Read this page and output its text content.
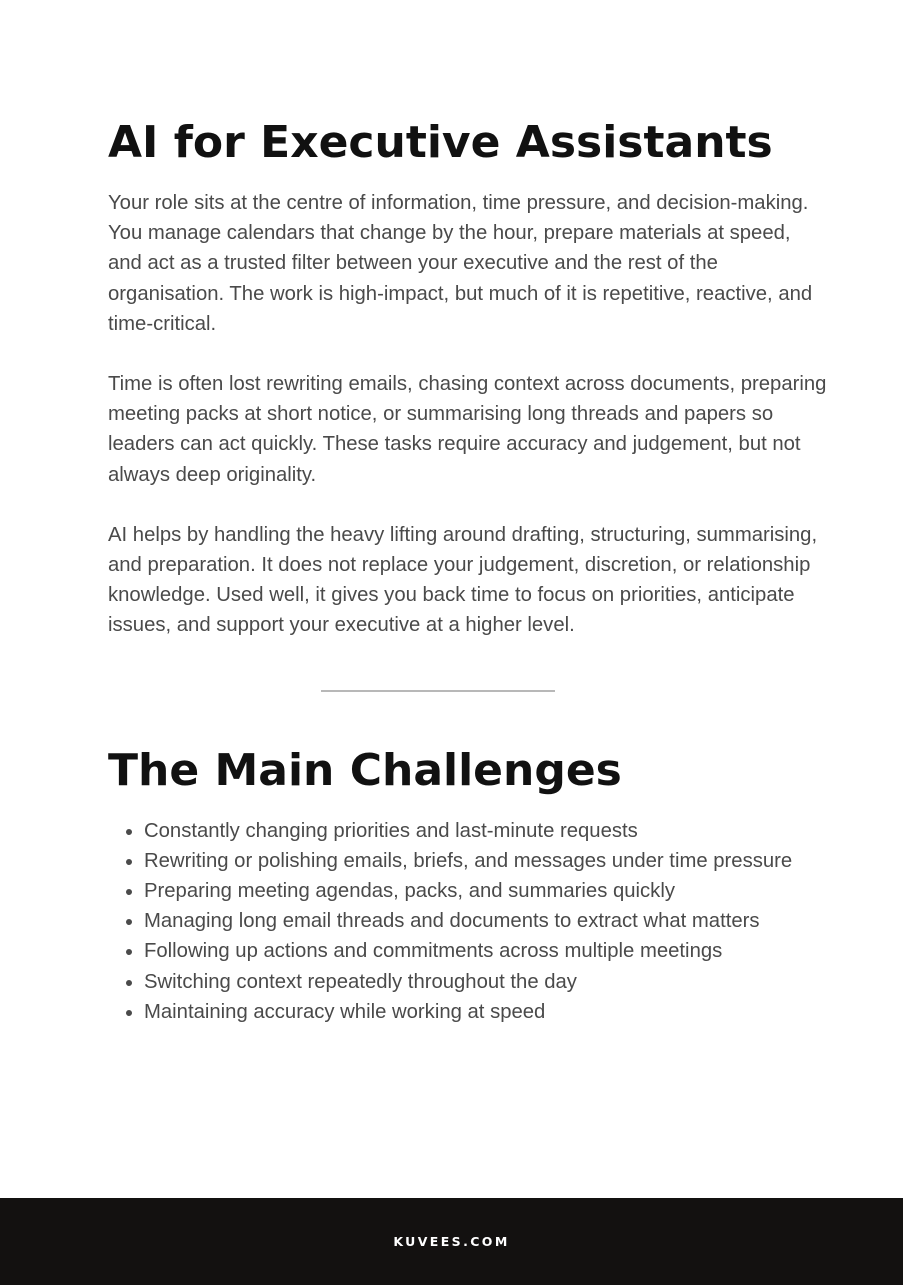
AI for Executive Assistants

Your role sits at the centre of information, time pressure, and decision-making. You manage calendars that change by the hour, prepare materials at speed, and act as a trusted filter between your executive and the rest of the organisation. The work is high-impact, but much of it is repetitive, reactive, and time-critical.

Time is often lost rewriting emails, chasing context across documents, preparing meeting packs at short notice, or summarising long threads and papers so leaders can act quickly. These tasks require accuracy and judgement, but not always deep originality.

AI helps by handling the heavy lifting around drafting, structuring, summarising, and preparation. It does not replace your judgement, discretion, or relationship knowledge. Used well, it gives you back time to focus on priorities, anticipate issues, and support your executive at a higher level.

The Main Challenges
• Constantly changing priorities and last-minute requests
• Rewriting or polishing emails, briefs, and messages under time pressure
• Preparing meeting agendas, packs, and summaries quickly
• Managing long email threads and documents to extract what matters
• Following up actions and commitments across multiple meetings
• Switching context repeatedly throughout the day
• Maintaining accuracy while working at speed
KUVEES.COM
